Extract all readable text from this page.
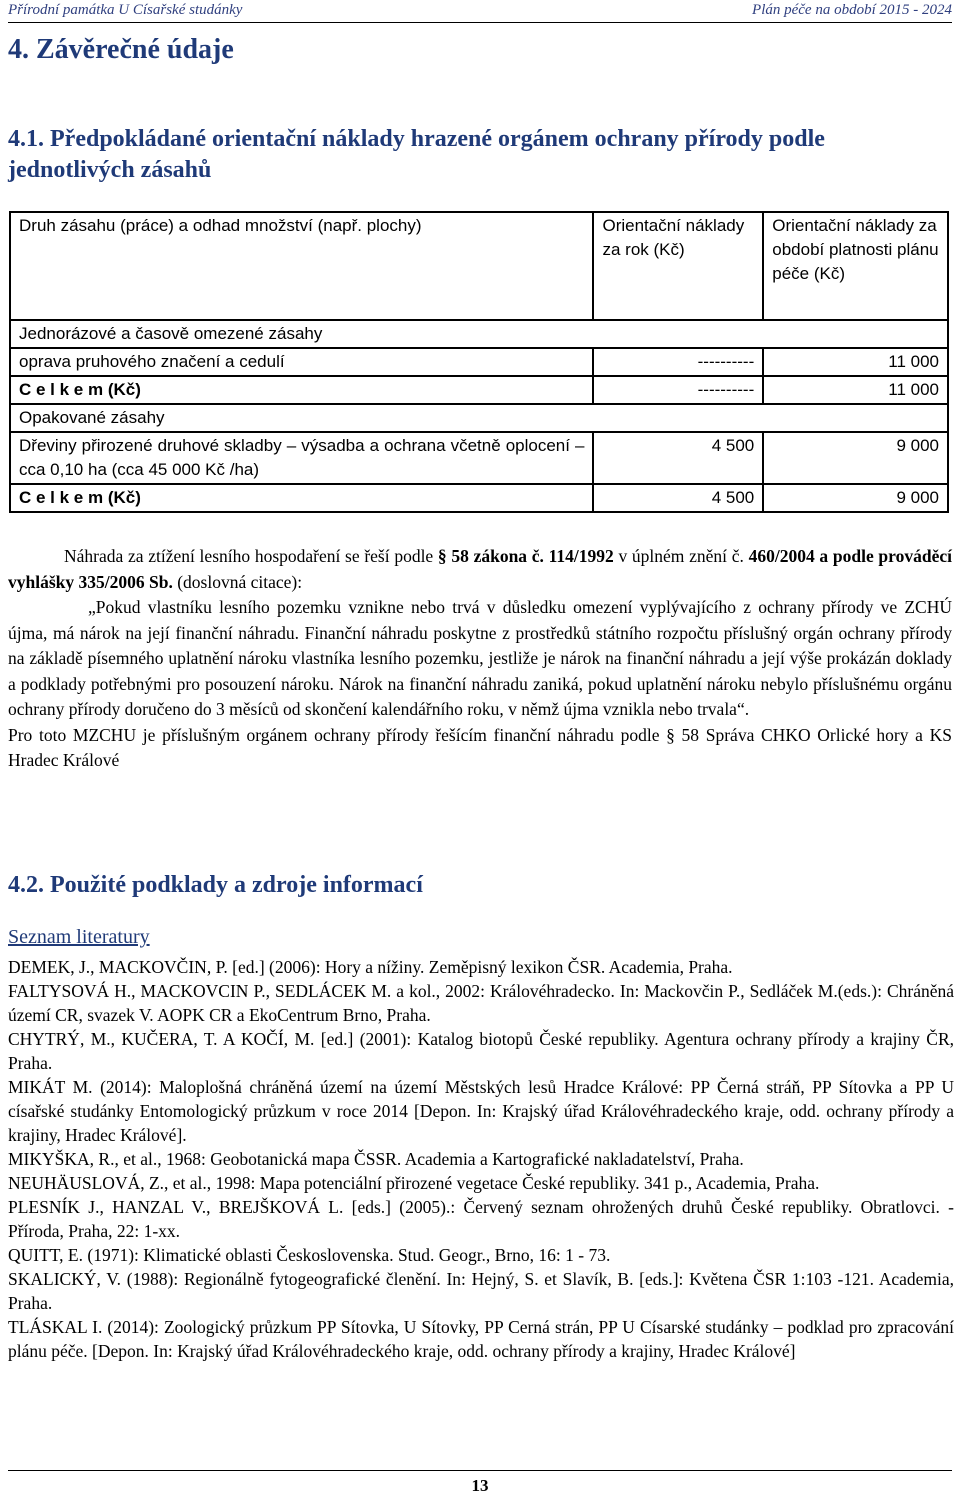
Přírodní památka U Císařské studánky	Plán péče na období 2015 - 2024
4. Závěrečné údaje
4.1. Předpokládané orientační náklady hrazené orgánem ochrany přírody podle jednotlivých zásahů
Druh zásahu (práce) a odhad množství (např. plochy)	Orientační náklady za rok (Kč)	Orientační náklady za období platnosti plánu péče (Kč)
Jednorázové a časově omezené zásahy		
oprava pruhového značení a cedulí	----------	11 000
C e l k e m (Kč)	----------	11 000
Opakované zásahy		
Dřeviny přirozené druhové skladby – výsadba a ochrana včetně oplocení – cca 0,10 ha (cca 45 000 Kč /ha)	4 500	9 000
C e l k e m (Kč)	4 500	9 000

Náhrada za ztížení lesního hospodaření se řeší podle § 58 zákona č. 114/1992 v úplném znění č. 460/2004 a podle prováděcí vyhlášky 335/2006 Sb. (doslovná citace):

„Pokud vlastníku lesního pozemku vznikne nebo trvá v důsledku omezení vyplývajícího z ochrany přírody ve ZCHÚ újma, má nárok na její finanční náhradu. Finanční náhradu poskytne z prostředků státního rozpočtu příslušný orgán ochrany přírody na základě písemného uplatnění nároku vlastníka lesního pozemku, jestliže je nárok na finanční náhradu a její výše prokázán doklady a podklady potřebnými pro posouzení nároku. Nárok na finanční náhradu zaniká, pokud uplatnění nároku nebylo příslušnému orgánu ochrany přírody doručeno do 3 měsíců od skončení kalendářního roku, v němž újma vznikla nebo trvala“.

Pro toto MZCHU je příslušným orgánem ochrany přírody řešícím finanční náhradu podle § 58 Správa CHKO Orlické hory a KS Hradec Králové

4.2. Použité podklady a zdroje informací
Seznam literatury

DEMEK, J., MACKOVČIN, P. [ed.] (2006): Hory a nížiny. Zeměpisný lexikon ČSR. Academia, Praha.

FALTYSOVÁ H., MACKOVCIN P., SEDLÁCEK M. a kol., 2002: Královéhradecko. In: Mackovčin P., Sedláček M.(eds.): Chráněná území CR, svazek V. AOPK CR a EkoCentrum Brno, Praha.

CHYTRÝ, M., KUČERA, T. A KOČÍ, M. [ed.] (2001): Katalog biotopů České republiky. Agentura ochrany přírody a krajiny ČR, Praha.

MIKÁT M. (2014): Maloplošná chráněná území na území Městských lesů Hradce Králové: PP Černá stráň, PP Sítovka a PP U císařské studánky Entomologický průzkum v roce 2014 [Depon. In: Krajský úřad Královéhradeckého kraje, odd. ochrany přírody a krajiny, Hradec Králové].

MIKYŠKA, R., et al., 1968: Geobotanická mapa ČSSR. Academia a Kartografické nakladatelství, Praha.

NEUHÄUSLOVÁ, Z., et al., 1998: Mapa potenciální přirozené vegetace České republiky. 341 p., Academia, Praha.

PLESNÍK J., HANZAL V., BREJŠKOVÁ L. [eds.] (2005).: Červený seznam ohrožených druhů České republiky. Obratlovci. - Příroda, Praha, 22: 1-xx.

QUITT, E. (1971): Klimatické oblasti Československa. Stud. Geogr., Brno, 16: 1 - 73.

SKALICKÝ, V. (1988): Regionálně fytogeografické členění. In: Hejný, S. et Slavík, B. [eds.]: Květena ČSR 1:103 -121. Academia, Praha.

TLÁSKAL I. (2014): Zoologický průzkum PP Sítovka, U Sítovky, PP Cerná strán, PP U Císarské studánky – podklad pro zpracování plánu péče. [Depon. In: Krajský úřad Královéhradeckého kraje, odd. ochrany přírody a krajiny, Hradec Králové]

13
